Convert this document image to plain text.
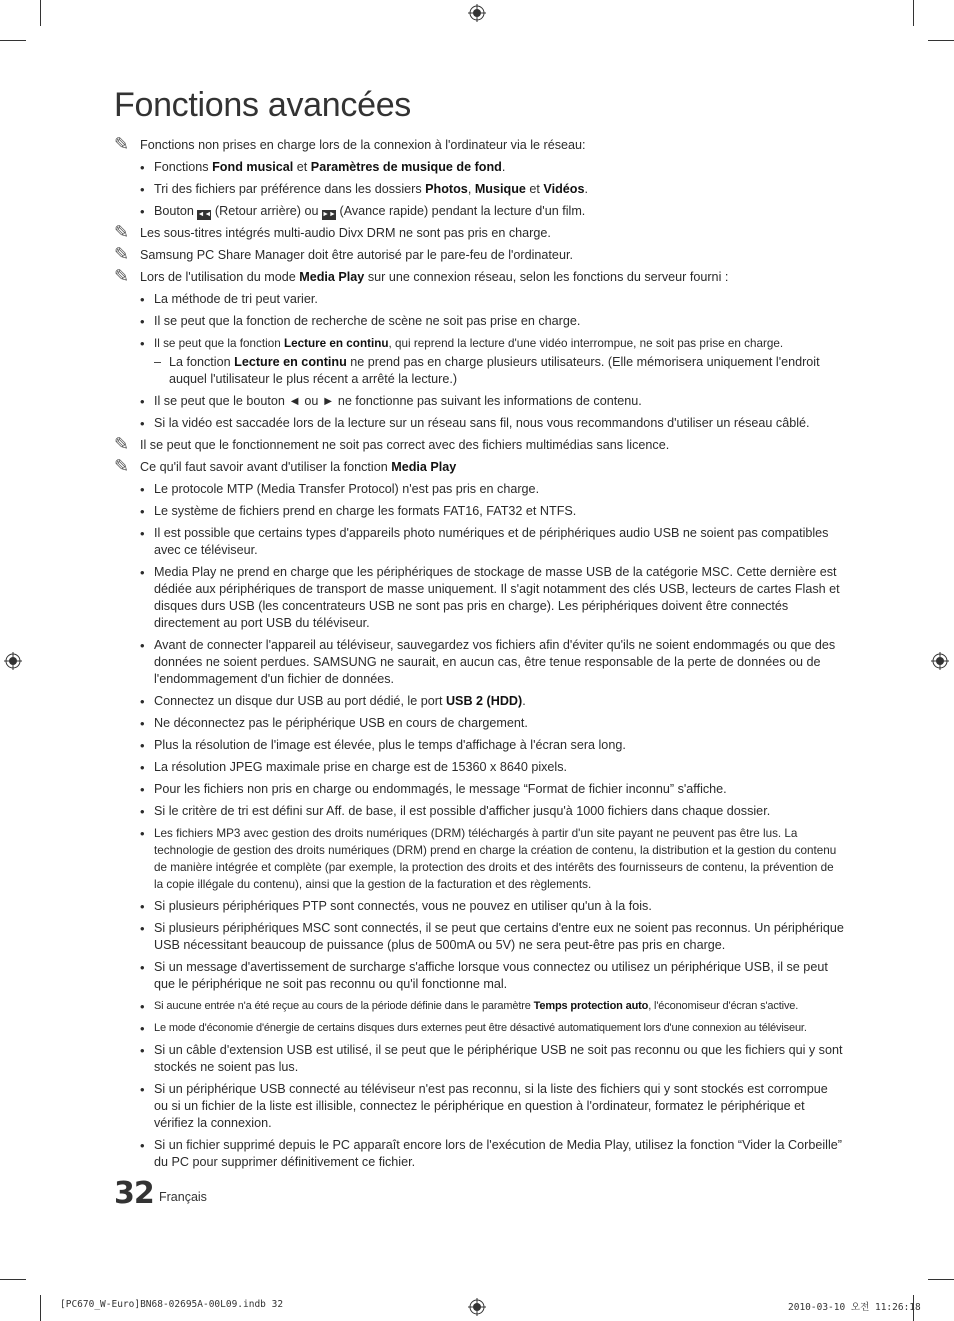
Fonctions avancées
✎ Fonctions non prises en charge lors de la connexion à l'ordinateur via le réseau:
• Fonctions Fond musical et Paramètres de musique de fond.
• Tri des fichiers par préférence dans les dossiers Photos, Musique et Vidéos.
• Bouton ◄◄ (Retour arrière) ou ►► (Avance rapide) pendant la lecture d'un film.
✎ Les sous-titres intégrés multi-audio Divx DRM ne sont pas pris en charge.
✎ Samsung PC Share Manager doit être autorisé par le pare-feu de l'ordinateur.
✎ Lors de l'utilisation du mode Media Play sur une connexion réseau, selon les fonctions du serveur fourni :
• La méthode de tri peut varier.
• Il se peut que la fonction de recherche de scène ne soit pas prise en charge.
• Il se peut que la fonction Lecture en continu, qui reprend la lecture d'une vidéo interrompue, ne soit pas prise en charge.
– La fonction Lecture en continu ne prend pas en charge plusieurs utilisateurs. (Elle mémorisera uniquement l'endroit auquel l'utilisateur le plus récent a arrêté la lecture.)
• Il se peut que le bouton ◄ ou ► ne fonctionne pas suivant les informations de contenu.
• Si la vidéo est saccadée lors de la lecture sur un réseau sans fil, nous vous recommandons d'utiliser un réseau câblé.
✎ Il se peut que le fonctionnement ne soit pas correct avec des fichiers multimédias sans licence.
✎ Ce qu'il faut savoir avant d'utiliser la fonction Media Play
• Le protocole MTP (Media Transfer Protocol) n'est pas pris en charge.
• Le système de fichiers prend en charge les formats FAT16, FAT32 et NTFS.
• Il est possible que certains types d'appareils photo numériques et de périphériques audio USB ne soient pas compatibles avec ce téléviseur.
• Media Play ne prend en charge que les périphériques de stockage de masse USB de la catégorie MSC. Cette dernière est dédiée aux périphériques de transport de masse uniquement. Il s'agit notamment des clés USB, lecteurs de cartes Flash et disques durs USB (les concentrateurs USB ne sont pas pris en charge). Les périphériques doivent être connectés directement au port USB du téléviseur.
• Avant de connecter l'appareil au téléviseur, sauvegardez vos fichiers afin d'éviter qu'ils ne soient endommagés ou que des données ne soient perdues. SAMSUNG ne saurait, en aucun cas, être tenue responsable de la perte de données ou de l'endommagement d'un fichier de données.
• Connectez un disque dur USB au port dédié, le port USB 2 (HDD).
• Ne déconnectez pas le périphérique USB en cours de chargement.
• Plus la résolution de l'image est élevée, plus le temps d'affichage à l'écran sera long.
• La résolution JPEG maximale prise en charge est de 15360 x 8640 pixels.
• Pour les fichiers non pris en charge ou endommagés, le message “Format de fichier inconnu” s'affiche.
• Si le critère de tri est défini sur Aff. de base, il est possible d'afficher jusqu'à 1000 fichiers dans chaque dossier.
• Les fichiers MP3 avec gestion des droits numériques (DRM) téléchargés à partir d'un site payant ne peuvent pas être lus. La technologie de gestion des droits numériques (DRM) prend en charge la création de contenu, la distribution et la gestion du contenu de manière intégrée et complète (par exemple, la protection des droits et des intérêts des fournisseurs de contenu, la prévention de la copie illégale du contenu), ainsi que la gestion de la facturation et des règlements.
• Si plusieurs périphériques PTP sont connectés, vous ne pouvez en utiliser qu'un à la fois.
• Si plusieurs périphériques MSC sont connectés, il se peut que certains d'entre eux ne soient pas reconnus. Un périphérique USB nécessitant beaucoup de puissance (plus de 500mA ou 5V) ne sera peut-être pas pris en charge.
• Si un message d'avertissement de surcharge s'affiche lorsque vous connectez ou utilisez un périphérique USB, il se peut que le périphérique ne soit pas reconnu ou qu'il fonctionne mal.
• Si aucune entrée n'a été reçue au cours de la période définie dans le paramètre Temps protection auto, l'économiseur d'écran s'active.
• Le mode d'économie d'énergie de certains disques durs externes peut être désactivé automatiquement lors d'une connexion au téléviseur.
• Si un câble d'extension USB est utilisé, il se peut que le périphérique USB ne soit pas reconnu ou que les fichiers qui y sont stockés ne soient pas lus.
• Si un périphérique USB connecté au téléviseur n'est pas reconnu, si la liste des fichiers qui y sont stockés est corrompue ou si un fichier de la liste est illisible, connectez le périphérique en question à l'ordinateur, formatez le périphérique et vérifiez la connexion.
• Si un fichier supprimé depuis le PC apparaît encore lors de l'exécution de Media Play, utilisez la fonction “Vider la Corbeille” du PC pour supprimer définitivement ce fichier.
32 Français
[PC670_W-Euro]BN68-02695A-00L09.indb 32	2010-03-10 오전 11:26:18
